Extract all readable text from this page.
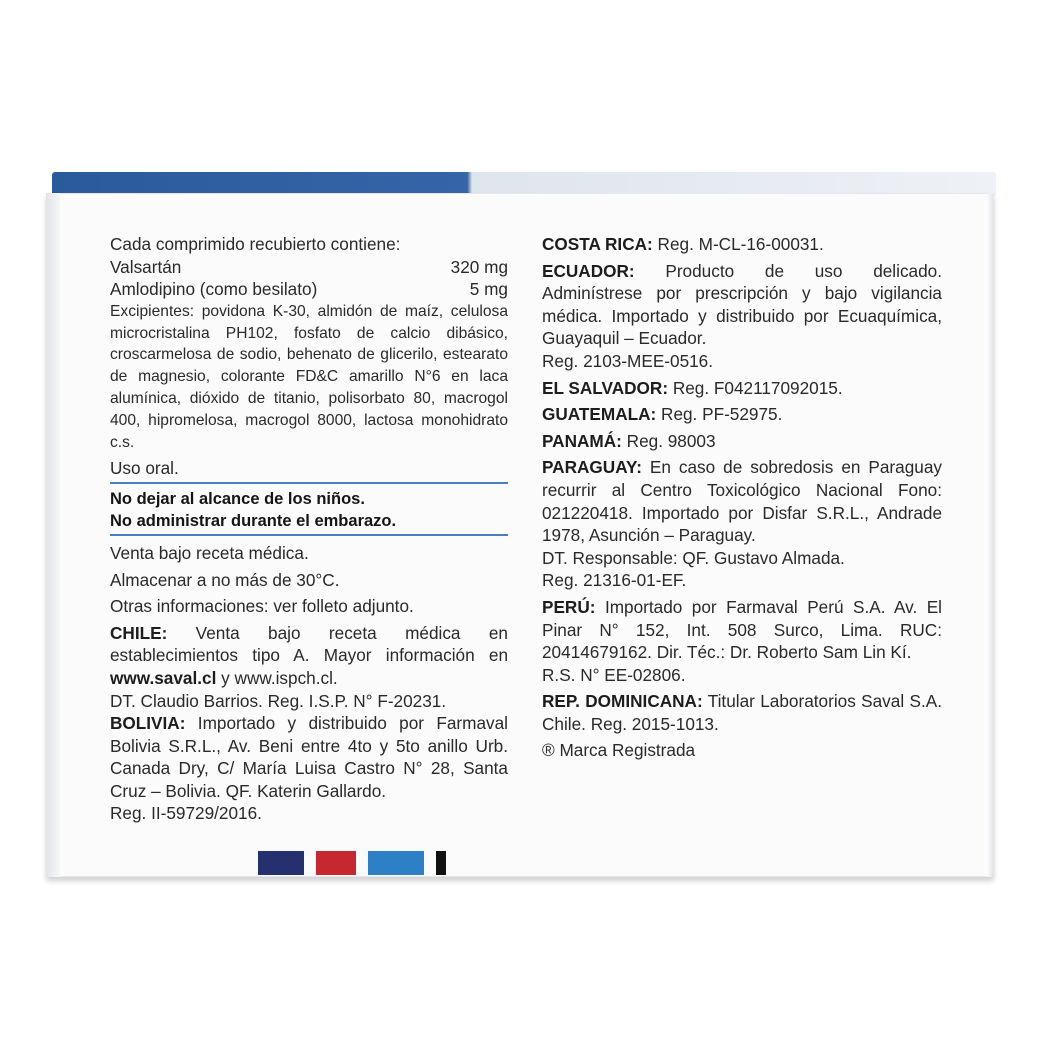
Cada comprimido recubierto contiene:

Valsartán	320 mg
Amlodipino (como besilato)	5 mg

Excipientes: povidona K-30, almidón de maíz, celulosa microcristalina PH102, fosfato de calcio dibásico, croscarmelosa de sodio, behenato de glicerilo, estearato de magnesio, colorante FD&C amarillo N°6 en laca alumínica, dióxido de titanio, polisorbato 80, macrogol 400, hipromelosa, macrogol 8000, lactosa monohidrato c.s.

Uso oral.

No dejar al alcance de los niños.
No administrar durante el embarazo.

Venta bajo receta médica.

Almacenar a no más de 30°C.

Otras informaciones: ver folleto adjunto.

CHILE: Venta bajo receta médica en establecimientos tipo A. Mayor información en www.saval.cl y www.ispch.cl.

DT. Claudio Barrios. Reg. I.S.P. N° F-20231.

BOLIVIA: Importado y distribuido por Farmaval Bolivia S.R.L., Av. Beni entre 4to y 5to anillo Urb. Canada Dry, C/ María Luisa Castro N° 28, Santa Cruz – Bolivia. QF. Katerin Gallardo.

Reg. II-59729/2016.

COSTA RICA: Reg. M-CL-16-00031.

ECUADOR: Producto de uso delicado. Adminístrese por prescripción y bajo vigilancia médica. Importado y distribuido por Ecuaquímica, Guayaquil – Ecuador.

Reg. 2103-MEE-0516.

EL SALVADOR: Reg. F042117092015.

GUATEMALA: Reg. PF-52975.

PANAMÁ: Reg. 98003

PARAGUAY: En caso de sobredosis en Paraguay recurrir al Centro Toxicológico Nacional Fono: 021220418. Importado por Disfar S.R.L., Andrade 1978, Asunción – Paraguay.

DT. Responsable: QF. Gustavo Almada.

Reg. 21316-01-EF.

PERÚ: Importado por Farmaval Perú S.A. Av. El Pinar N° 152, Int. 508 Surco, Lima. RUC: 20414679162. Dir. Téc.: Dr. Roberto Sam Lin Kí.

R.S. N° EE-02806.

REP. DOMINICANA: Titular Laboratorios Saval S.A. Chile. Reg. 2015-1013.

® Marca Registrada
